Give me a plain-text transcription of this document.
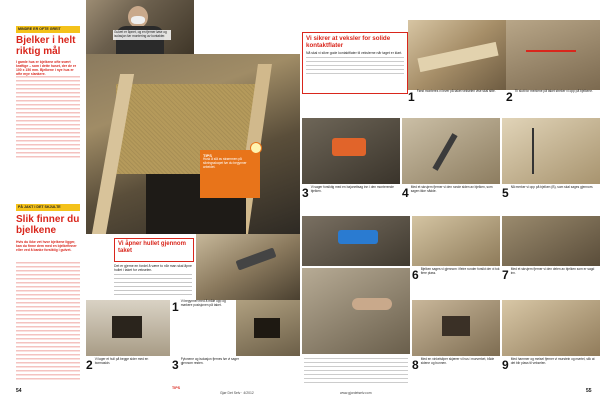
MINDRE ER OFTE GREIT
Bjelker i helt riktig mål
I gamle hus er bjelkene ofte svært kraftige – som i dette huset, der de er 100 x 150 mm. Bjelkene i nye hus er ofte mye slankere.
PÅ JAKT I DET SKJULTE
Slik finner du bjelkene
Hvis du ikke vet hvor bjelkene ligger, kan du finne dem med en bjelkefinner eller ved å banke forsiktig i gulvet.
54
Gulvet er åpnet, og en fjerner løse og isolasjon før montering av kontakter.
TIPS
Husk å slå av strømmen på sikringsskapet før du begynner arbeidet.
Vi åpner hullet gjennom taket
Det er gjerne en fordel å være to når man skal åpne hullet i taket for vekselen.
1 Vi begynner med å måle opp og markere posisjonen på taket.
2 Vi lager et hull på begge sider med en bormaskin.	3 Pylonene og isolasjon fjernes før vi sager gjennom resten.
TIPS
Vi sikrer at veksler for solide kontaktflater
Nå skal vi sikre gode kontaktflater til vekslerne når taget er klart.
1 Først monteres vi lever på taket vekselen vise skal sitte. 2 Til slutt for merkene på taket streker vi opp på bjelkene.
3 Vi sager forsiktig med en bajonettsag inn i den monterende bjelken.	4 Med et skrujern fjerner vi den runde siden av bjelken, som sagen ikke nådde.	5 Nå merker vi opp på bjelken (B), som skal sages gjennom.
6 Bjelken sages vi gjennom i fleire runder forsikt der vi tok fiere plass.	7 Med et skrujern fjerner vi den delen av bjelken som er sagd inn.
8 Med en vinkelsliper skjærer vi hus i murverket, både sidene og bunnen.	9 Med hammer og meisel fjerner vi murstein og mørtel, slik at det blir plass til vekselen.
Gjør Det Selv · 4/2012	www.gjordetselv.com	55
